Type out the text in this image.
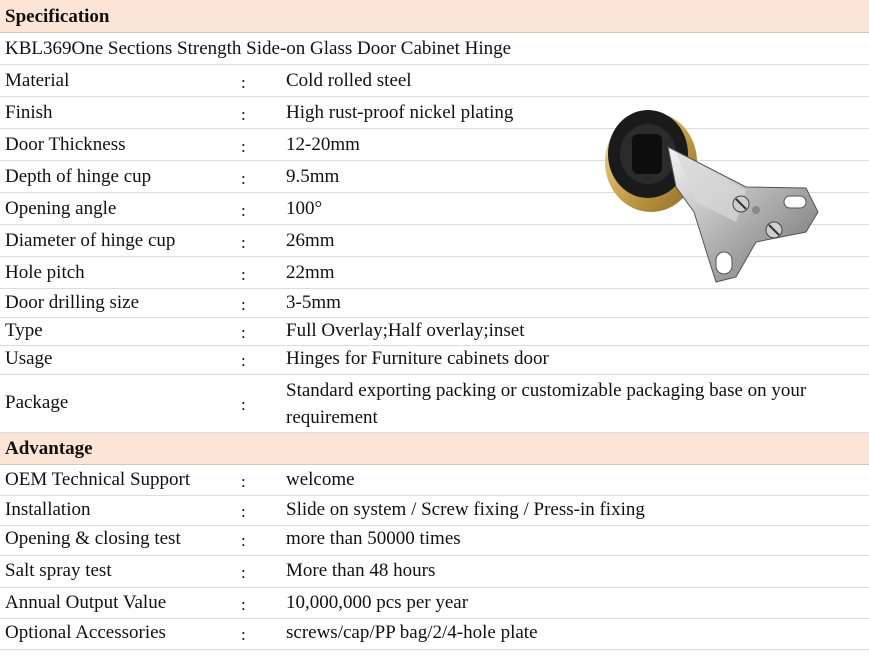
Specification
KBL369One Sections Strength Side-on Glass Door Cabinet Hinge
Material	: Cold rolled steel
Finish	: High rust-proof nickel plating
Door Thickness	: 12-20mm
Depth of hinge cup	: 9.5mm
Opening angle	: 100°
Diameter of hinge cup	: 26mm
Hole pitch	: 22mm
Door drilling size	: 3-5mm
Type	: Full Overlay;Half overlay;inset
Usage	: Hinges for Furniture cabinets door
Package	:
Standard exporting packing or customizable packaging base on your requirement
Advantage
OEM Technical Support	: welcome
Installation	: Slide on system / Screw fixing / Press-in fixing
Opening & closing test	: more than 50000 times
Salt spray test	: More than 48 hours
Annual Output Value	: 10,000,000 pcs per year
Optional Accessories	: screws/cap/PP bag/2/4-hole plate
